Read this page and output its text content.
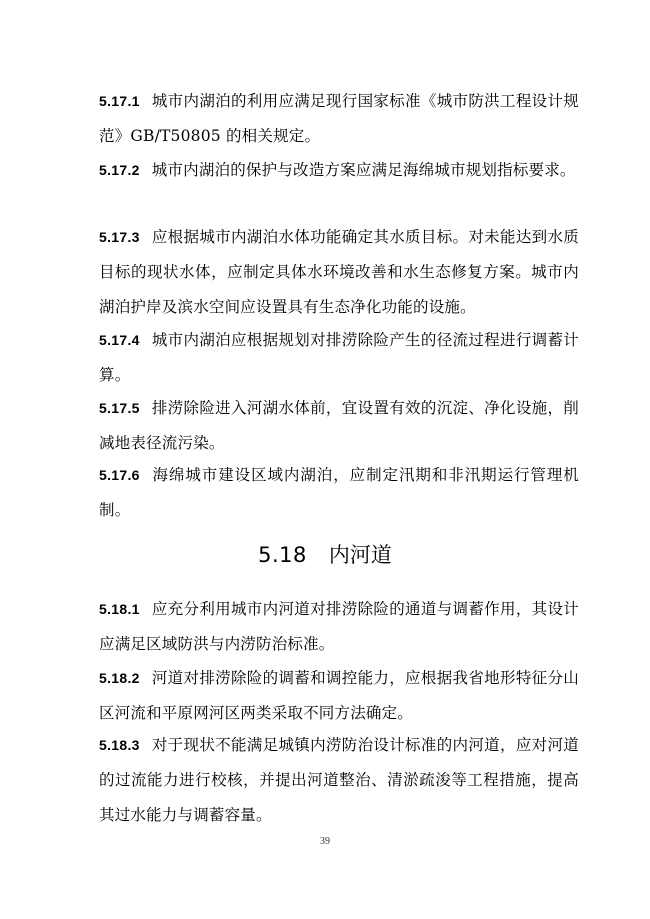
5.17.1 城市内湖泊的利用应满足现行国家标准《城市防洪工程设计规范》GB/T50805 的相关规定。
5.17.2 城市内湖泊的保护与改造方案应满足海绵城市规划指标要求。
5.17.3 应根据城市内湖泊水体功能确定其水质目标。对未能达到水质目标的现状水体，应制定具体水环境改善和水生态修复方案。城市内湖泊护岸及滨水空间应设置具有生态净化功能的设施。
5.17.4 城市内湖泊应根据规划对排涝除险产生的径流过程进行调蓄计算。
5.17.5 排涝除险进入河湖水体前，宜设置有效的沉淀、净化设施，削减地表径流污染。
5.17.6 海绵城市建设区域内湖泊，应制定汛期和非汛期运行管理机制。
5.18 内河道
5.18.1 应充分利用城市内河道对排涝除险的通道与调蓄作用，其设计应满足区域防洪与内涝防治标准。
5.18.2 河道对排涝除险的调蓄和调控能力，应根据我省地形特征分山区河流和平原网河区两类采取不同方法确定。
5.18.3 对于现状不能满足城镇内涝防治设计标准的内河道，应对河道的过流能力进行校核，并提出河道整治、清淤疏浚等工程措施，提高其过水能力与调蓄容量。
39
